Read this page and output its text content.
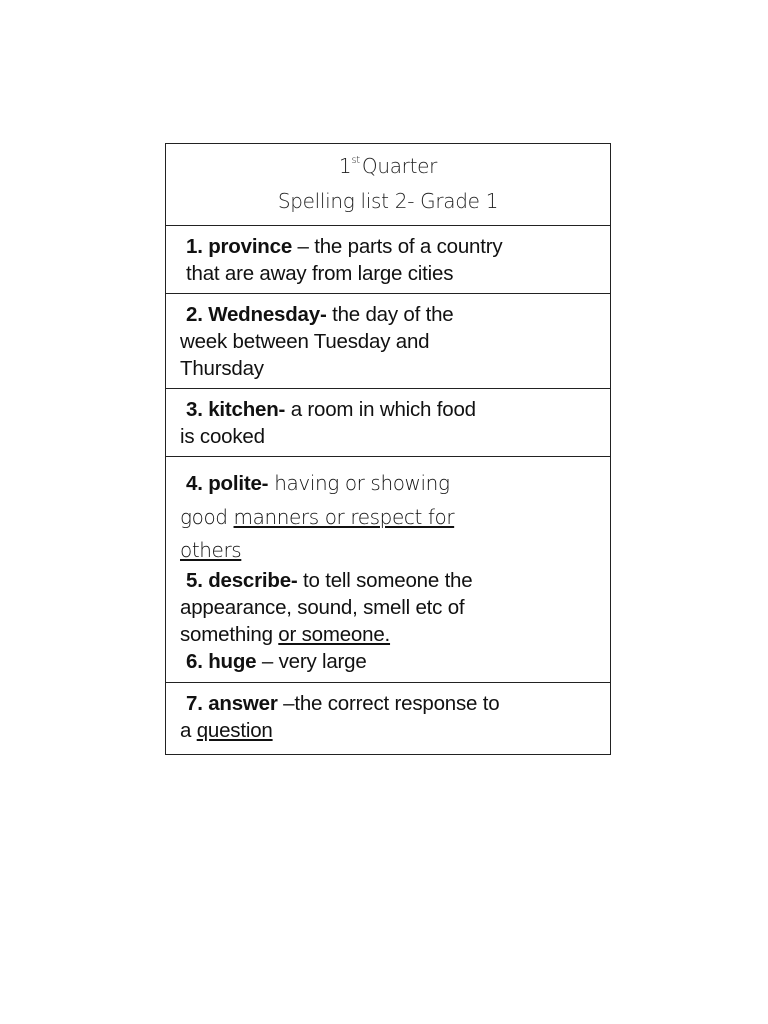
1st Quarter
Spelling list 2- Grade 1
1. province – the parts of a country
that are away from large cities
2. Wednesday- the day of the
week between Tuesday and
Thursday
3. kitchen- a room in which food
is cooked
4. polite- having or showing
good manners or respect for
others
5. describe- to tell someone the
appearance, sound, smell etc of
something or someone.
6. huge – very large
7. answer –the correct response to
a question
